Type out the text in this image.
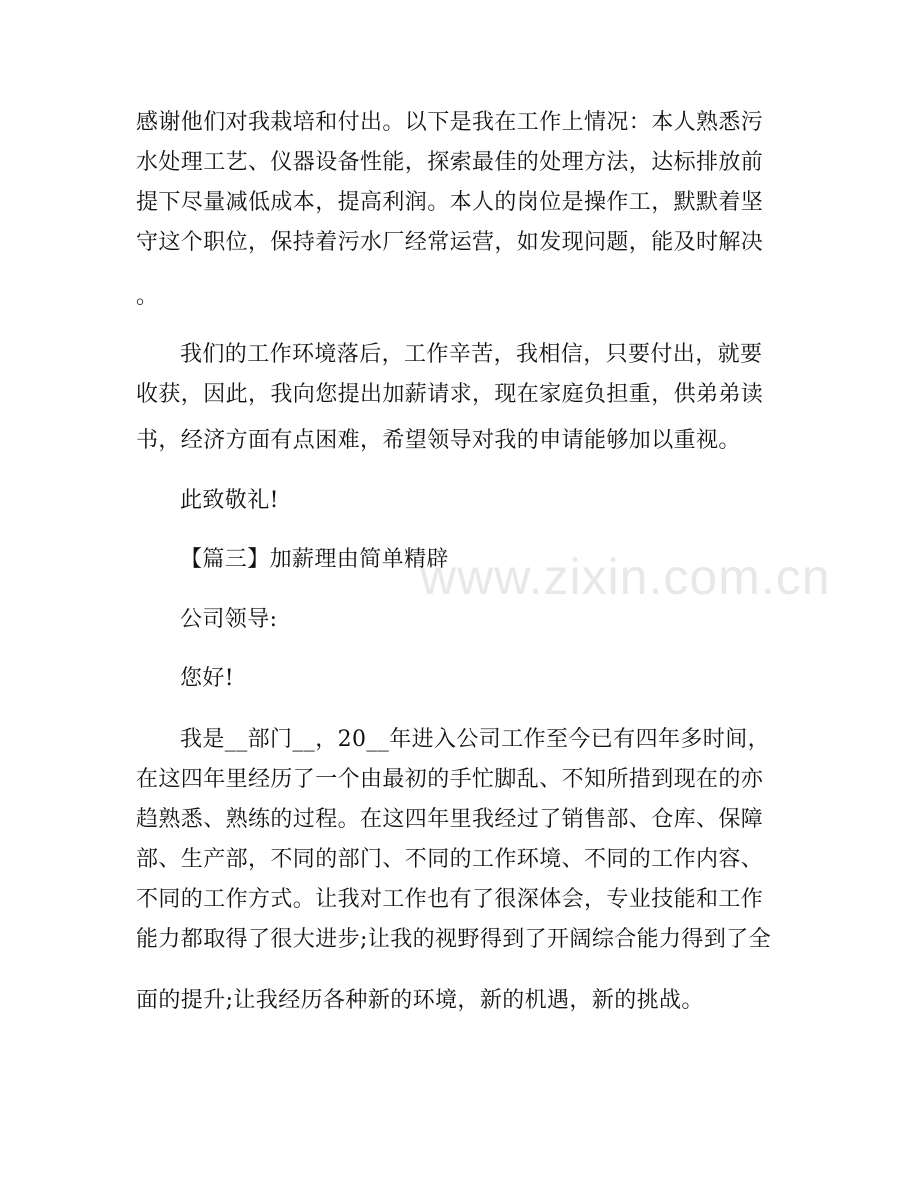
感谢他们对我栽培和付出。以下是我在工作上情况：本人熟悉污
水处理工艺、仪器设备性能，探索最佳的处理方法，达标排放前
提下尽量减低成本，提高利润。本人的岗位是操作工，默默着坚
守这个职位，保持着污水厂经常运营，如发现问题，能及时解决
。
我们的工作环境落后，工作辛苦，我相信，只要付出，就要
收获，因此，我向您提出加薪请求，现在家庭负担重，供弟弟读
书，经济方面有点困难，希望领导对我的申请能够加以重视。
此致敬礼!
【篇三】加薪理由简单精辟
公司领导:
您好!
我是__部门__，20__年进入公司工作至今已有四年多时间，
在这四年里经历了一个由最初的手忙脚乱、不知所措到现在的亦
趋熟悉、熟练的过程。在这四年里我经过了销售部、仓库、保障
部、生产部，不同的部门、不同的工作环境、不同的工作内容、
不同的工作方式。让我对工作也有了很深体会，专业技能和工作
能力都取得了很大进步;让我的视野得到了开阔综合能力得到了全
面的提升;让我经历各种新的环境，新的机遇，新的挑战。
www.zixin.com.cn
